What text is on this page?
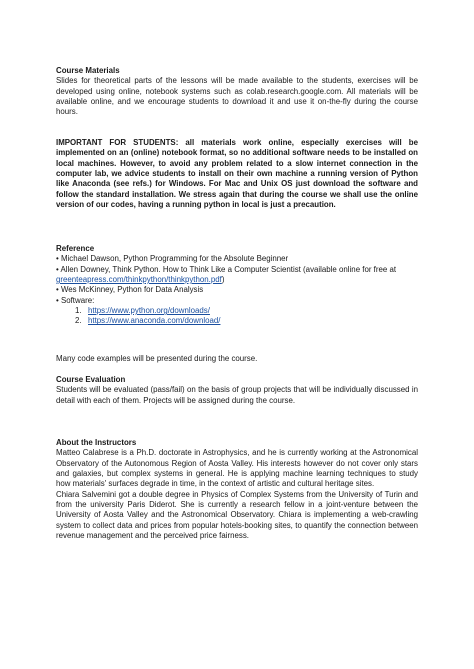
Course Materials

Slides for theoretical parts of the lessons will be made available to the students, exercises will be developed using online, notebook systems such as colab.research.google.com. All materials will be available online, and we encourage students to download it and use it on-the-fly during the course hours.

IMPORTANT FOR STUDENTS: all materials work online, especially exercises will be implemented on an (online) notebook format, so no additional software needs to be installed on local machines. However, to avoid any problem related to a slow internet connection in the computer lab, we advice students to install on their own machine a running version of Python like Anaconda (see refs.) for Windows. For Mac and Unix OS just download the software and follow the standard installation. We stress again that during the course we shall use the online version of our codes, having a running python in local is just a precaution.

Reference

• Michael Dawson, Python Programming for the Absolute Beginner

• Allen Downey, Think Python. How to Think Like a Computer Scientist (available online for free at greenteapress.com/thinkpython/thinkpython.pdf)

• Wes McKinney, Python for Data Analysis

• Software:

1. https://www.python.org/downloads/

2. https://www.anaconda.com/download/

Many code examples will be presented during the course.

Course Evaluation

Students will be evaluated (pass/fail) on the basis of group projects that will be individually discussed in detail with each of them. Projects will be assigned during the course.

About the Instructors

Matteo Calabrese is a Ph.D. doctorate in Astrophysics, and he is currently working at the Astronomical Observatory of the Autonomous Region of Aosta Valley. His interests however do not cover only stars and galaxies, but complex systems in general. He is applying machine learning techniques to study how materials' surfaces degrade in time, in the context of artistic and cultural heritage sites.

Chiara Salvemini got a double degree in Physics of Complex Systems from the University of Turin and from the university Paris Diderot. She is currently a research fellow in a joint-venture between the University of Aosta Valley and the Astronomical Observatory. Chiara is implementing a web-crawling system to collect data and prices from popular hotels-booking sites, to quantify the connection between revenue management and the perceived price fairness.
